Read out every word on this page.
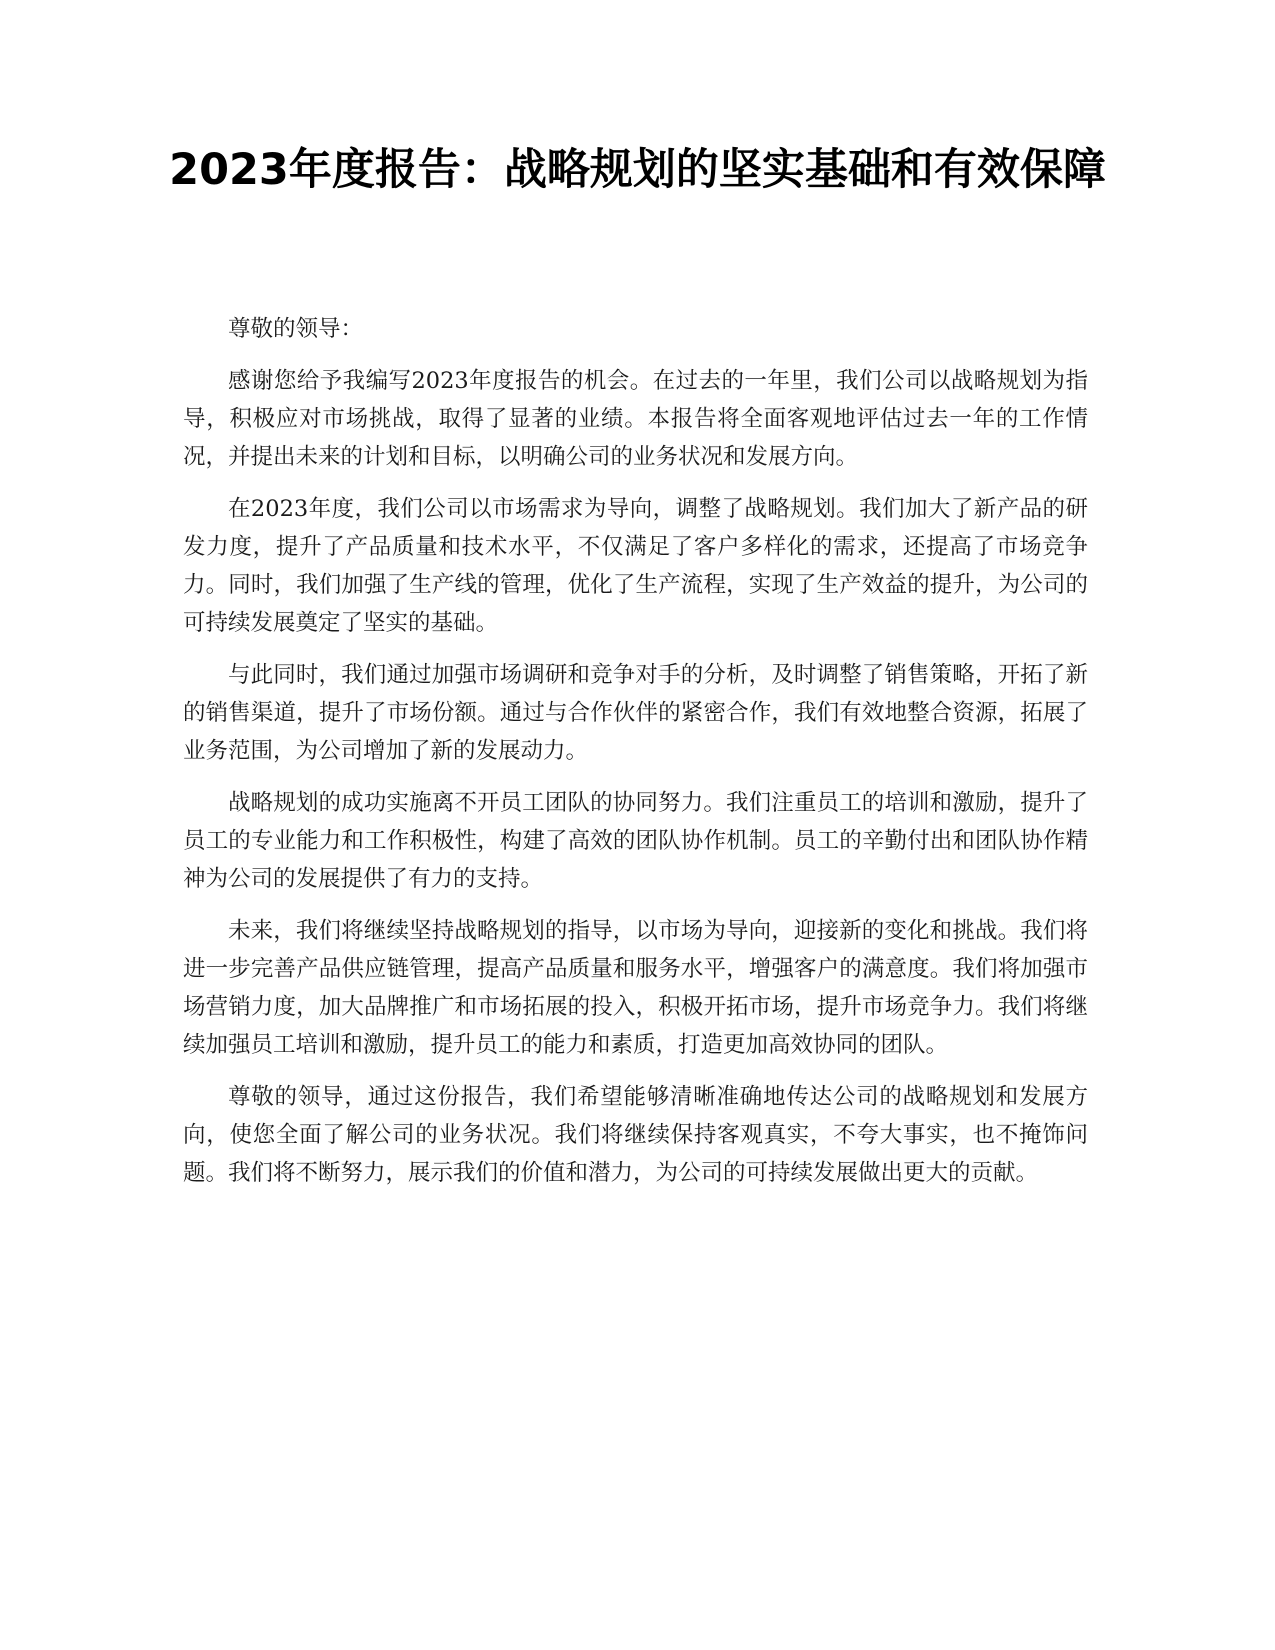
2023年度报告：战略规划的坚实基础和有效保障

尊敬的领导：

感谢您给予我编写2023年度报告的机会。在过去的一年里，我们公司以战略规划为指导，积极应对市场挑战，取得了显著的业绩。本报告将全面客观地评估过去一年的工作情况，并提出未来的计划和目标，以明确公司的业务状况和发展方向。

在2023年度，我们公司以市场需求为导向，调整了战略规划。我们加大了新产品的研发力度，提升了产品质量和技术水平，不仅满足了客户多样化的需求，还提高了市场竞争力。同时，我们加强了生产线的管理，优化了生产流程，实现了生产效益的提升，为公司的可持续发展奠定了坚实的基础。

与此同时，我们通过加强市场调研和竞争对手的分析，及时调整了销售策略，开拓了新的销售渠道，提升了市场份额。通过与合作伙伴的紧密合作，我们有效地整合资源，拓展了业务范围，为公司增加了新的发展动力。

战略规划的成功实施离不开员工团队的协同努力。我们注重员工的培训和激励，提升了员工的专业能力和工作积极性，构建了高效的团队协作机制。员工的辛勤付出和团队协作精神为公司的发展提供了有力的支持。

未来，我们将继续坚持战略规划的指导，以市场为导向，迎接新的变化和挑战。我们将进一步完善产品供应链管理，提高产品质量和服务水平，增强客户的满意度。我们将加强市场营销力度，加大品牌推广和市场拓展的投入，积极开拓市场，提升市场竞争力。我们将继续加强员工培训和激励，提升员工的能力和素质，打造更加高效协同的团队。

尊敬的领导，通过这份报告，我们希望能够清晰准确地传达公司的战略规划和发展方向，使您全面了解公司的业务状况。我们将继续保持客观真实，不夸大事实，也不掩饰问题。我们将不断努力，展示我们的价值和潜力，为公司的可持续发展做出更大的贡献。
